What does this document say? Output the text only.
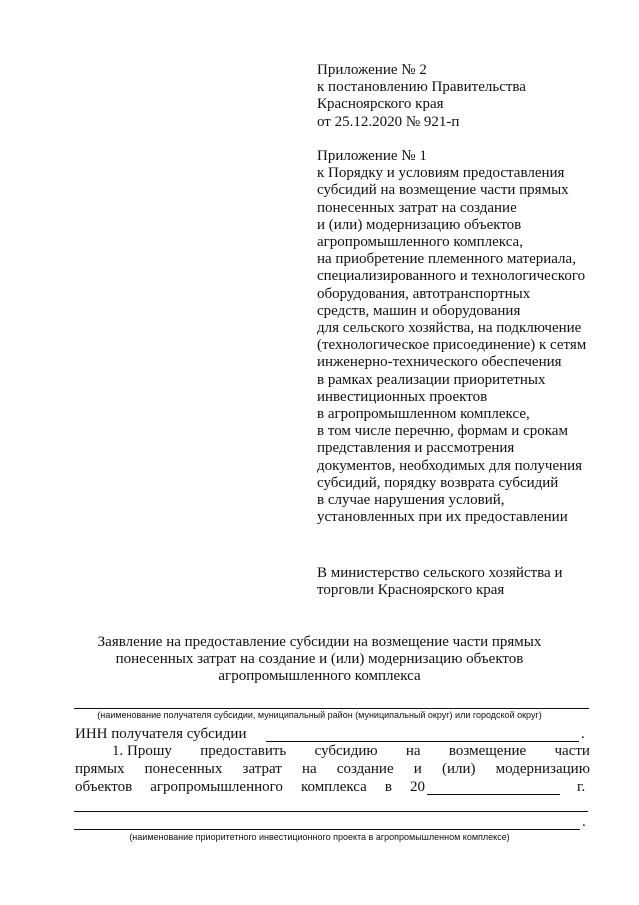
Приложение № 2
к постановлению Правительства
Красноярского края
от 25.12.2020 № 921-п
Приложение № 1
к Порядку и условиям предоставления
субсидий на возмещение части прямых
понесенных затрат на создание
и (или) модернизацию объектов
агропромышленного комплекса,
на приобретение племенного материала,
специализированного и технологического
оборудования, автотранспортных
средств, машин и оборудования
для сельского хозяйства, на подключение
(технологическое присоединение) к сетям
инженерно-технического обеспечения
в рамках реализации приоритетных
инвестиционных проектов
в агропромышленном комплексе,
в том числе перечню, формам и срокам
представления и рассмотрения
документов, необходимых для получения
субсидий, порядку возврата субсидий
в случае нарушения условий,
установленных при их предоставлении
В министерство сельского хозяйства и
торговли Красноярского края
Заявление на предоставление субсидии на возмещение части прямых
понесенных затрат на создание и (или) модернизацию объектов
агропромышленного комплекса
(наименование получателя субсидии, муниципальный район (муниципальный округ) или городской округ)
ИНН получателя субсидии	.
1. Прошу предоставить субсидию на возмещение части
прямых понесенных затрат на создание и (или) модернизацию
объектов агропромышленного комплекса в 20	г.
.
(наименование приоритетного инвестиционного проекта в агропромышленном комплексе)
